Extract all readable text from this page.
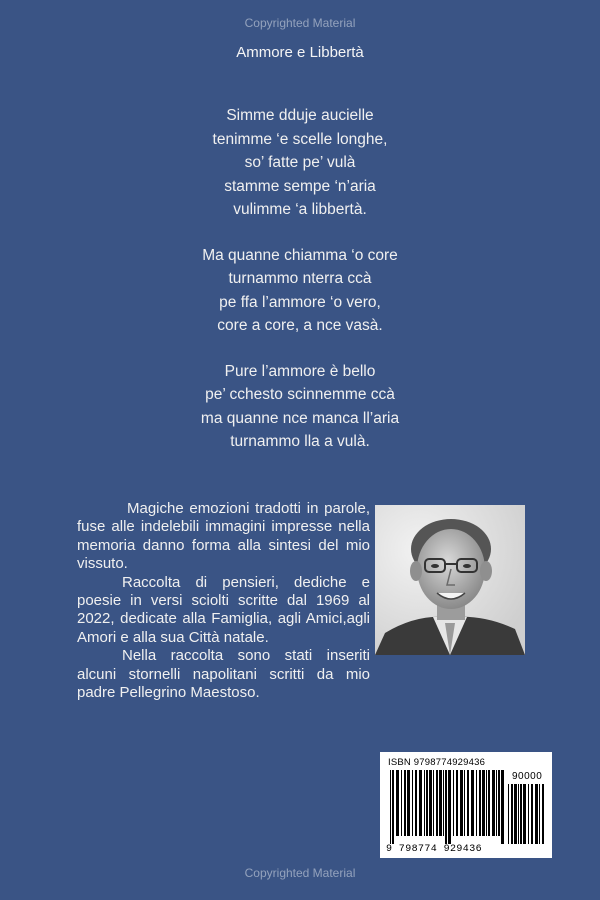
Copyrighted Material
Ammore e Libbertà
Simme dduje aucielle
tenimme ‘e scelle longhe,
so’ fatte pe’ vulà
stamme sempe ‘n’aria
vulimme ‘a libbertà.
Ma quanne chiamma ‘o core
turnammo nterra ccà
pe ffa l’ammore ‘o vero,
core a core, a nce vasà.
Pure l’ammore è bello
pe’ cchesto scinnemme ccà
ma quanne nce manca ll’aria
turnammo lla a vulà.

Magiche emozioni tradotti in parole, fuse alle indelebili immagini impresse nella memoria danno forma alla sintesi del mio vissuto.

Raccolta di pensieri, dediche e poesie in versi sciolti scritte dal 1969 al 2022, dedicate alla Famiglia, agli Amici,agli Amori e alla sua Città natale.

Nella raccolta sono stati inseriti alcuni stornelli napolitani scritti da mio padre Pellegrino Maestoso.

ISBN 9798774929436
90000
9 798774 929436
Copyrighted Material
